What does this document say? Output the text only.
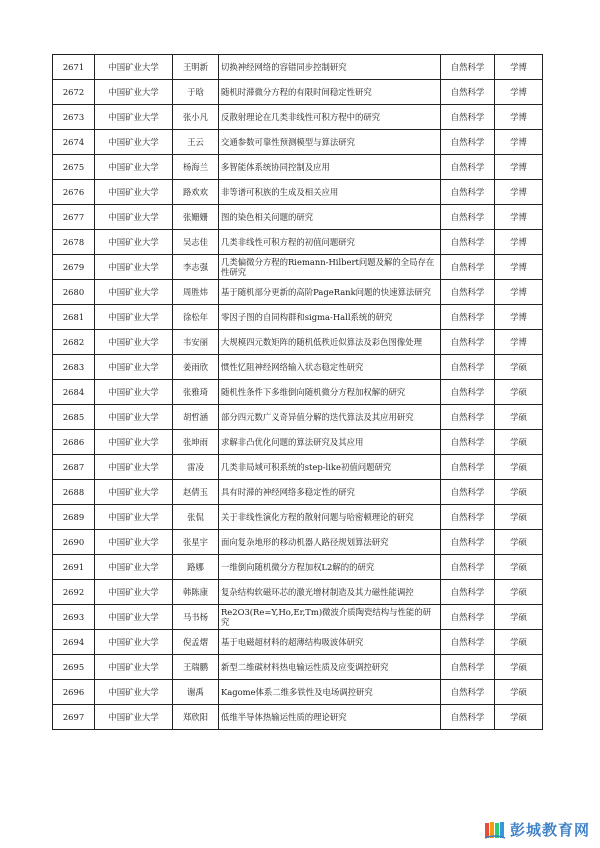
2671	中国矿业大学	王明新	切换神经网络的容错同步控制研究	自然科学	学博
2672	中国矿业大学	于晗	随机时滞微分方程的有限时间稳定性研究	自然科学	学博
2673	中国矿业大学	张小凡	反散射理论在几类非线性可积方程中的研究	自然科学	学博
2674	中国矿业大学	王云	交通参数可靠性预测模型与算法研究	自然科学	学博
2675	中国矿业大学	杨海兰	多智能体系统协同控制及应用	自然科学	学博
2676	中国矿业大学	路欢欢	非等谱可积族的生成及相关应用	自然科学	学博
2677	中国矿业大学	张姗姗	图的染色相关问题的研究	自然科学	学博
2678	中国矿业大学	吴志佳	几类非线性可积方程的初值问题研究	自然科学	学博
2679	中国矿业大学	李志强	几类偏微分方程的Riemann-Hilbert问题及解的全局存在性研究	自然科学	学博
2680	中国矿业大学	周胜炜	基于随机部分更新的高阶PageRank问题的快速算法研究	自然科学	学博
2681	中国矿业大学	徐松年	零因子图的自同构群和sigma-Hall系统的研究	自然科学	学博
2682	中国矿业大学	韦安丽	大规模四元数矩阵的随机低秩近似算法及彩色图像处理	自然科学	学博
2683	中国矿业大学	姜雨欣	惯性忆阻神经网络输入状态稳定性研究	自然科学	学硕
2684	中国矿业大学	张雅琦	随机性条件下多维倒向随机微分方程加权解的研究	自然科学	学硕
2685	中国矿业大学	胡哲涵	部分四元数广义奇异值分解的迭代算法及其应用研究	自然科学	学硕
2686	中国矿业大学	张坤雨	求解非凸优化问题的算法研究及其应用	自然科学	学硕
2687	中国矿业大学	雷凌	几类非局域可积系统的step-like初值问题研究	自然科学	学硕
2688	中国矿业大学	赵倩玉	具有时滞的神经网络多稳定性的研究	自然科学	学硕
2689	中国矿业大学	张侃	关于非线性演化方程的散射问题与哈密顿理论的研究	自然科学	学硕
2690	中国矿业大学	张星宇	面向复杂地形的移动机器人路径规划算法研究	自然科学	学硕
2691	中国矿业大学	路娜	一维倒向随机微分方程加权L2解的的研究	自然科学	学硕
2692	中国矿业大学	韩陈康	复杂结构软磁环芯的激光增材制造及其力磁性能调控	自然科学	学硕
2693	中国矿业大学	马书杨	Re2O3(Re=Y,Ho,Er,Tm)微波介质陶瓷结构与性能的研究	自然科学	学硕
2694	中国矿业大学	倪孟熠	基于电磁超材料的超薄结构吸波体研究	自然科学	学硕
2695	中国矿业大学	王瑞鹏	新型二维碳材料热电输运性质及应变调控研究	自然科学	学硕
2696	中国矿业大学	谢禹	Kagome体系二维多铁性及电场调控研究	自然科学	学硕
2697	中国矿业大学	郑欣阳	低维半导体热输运性质的理论研究	自然科学	学硕
彭城教育网
